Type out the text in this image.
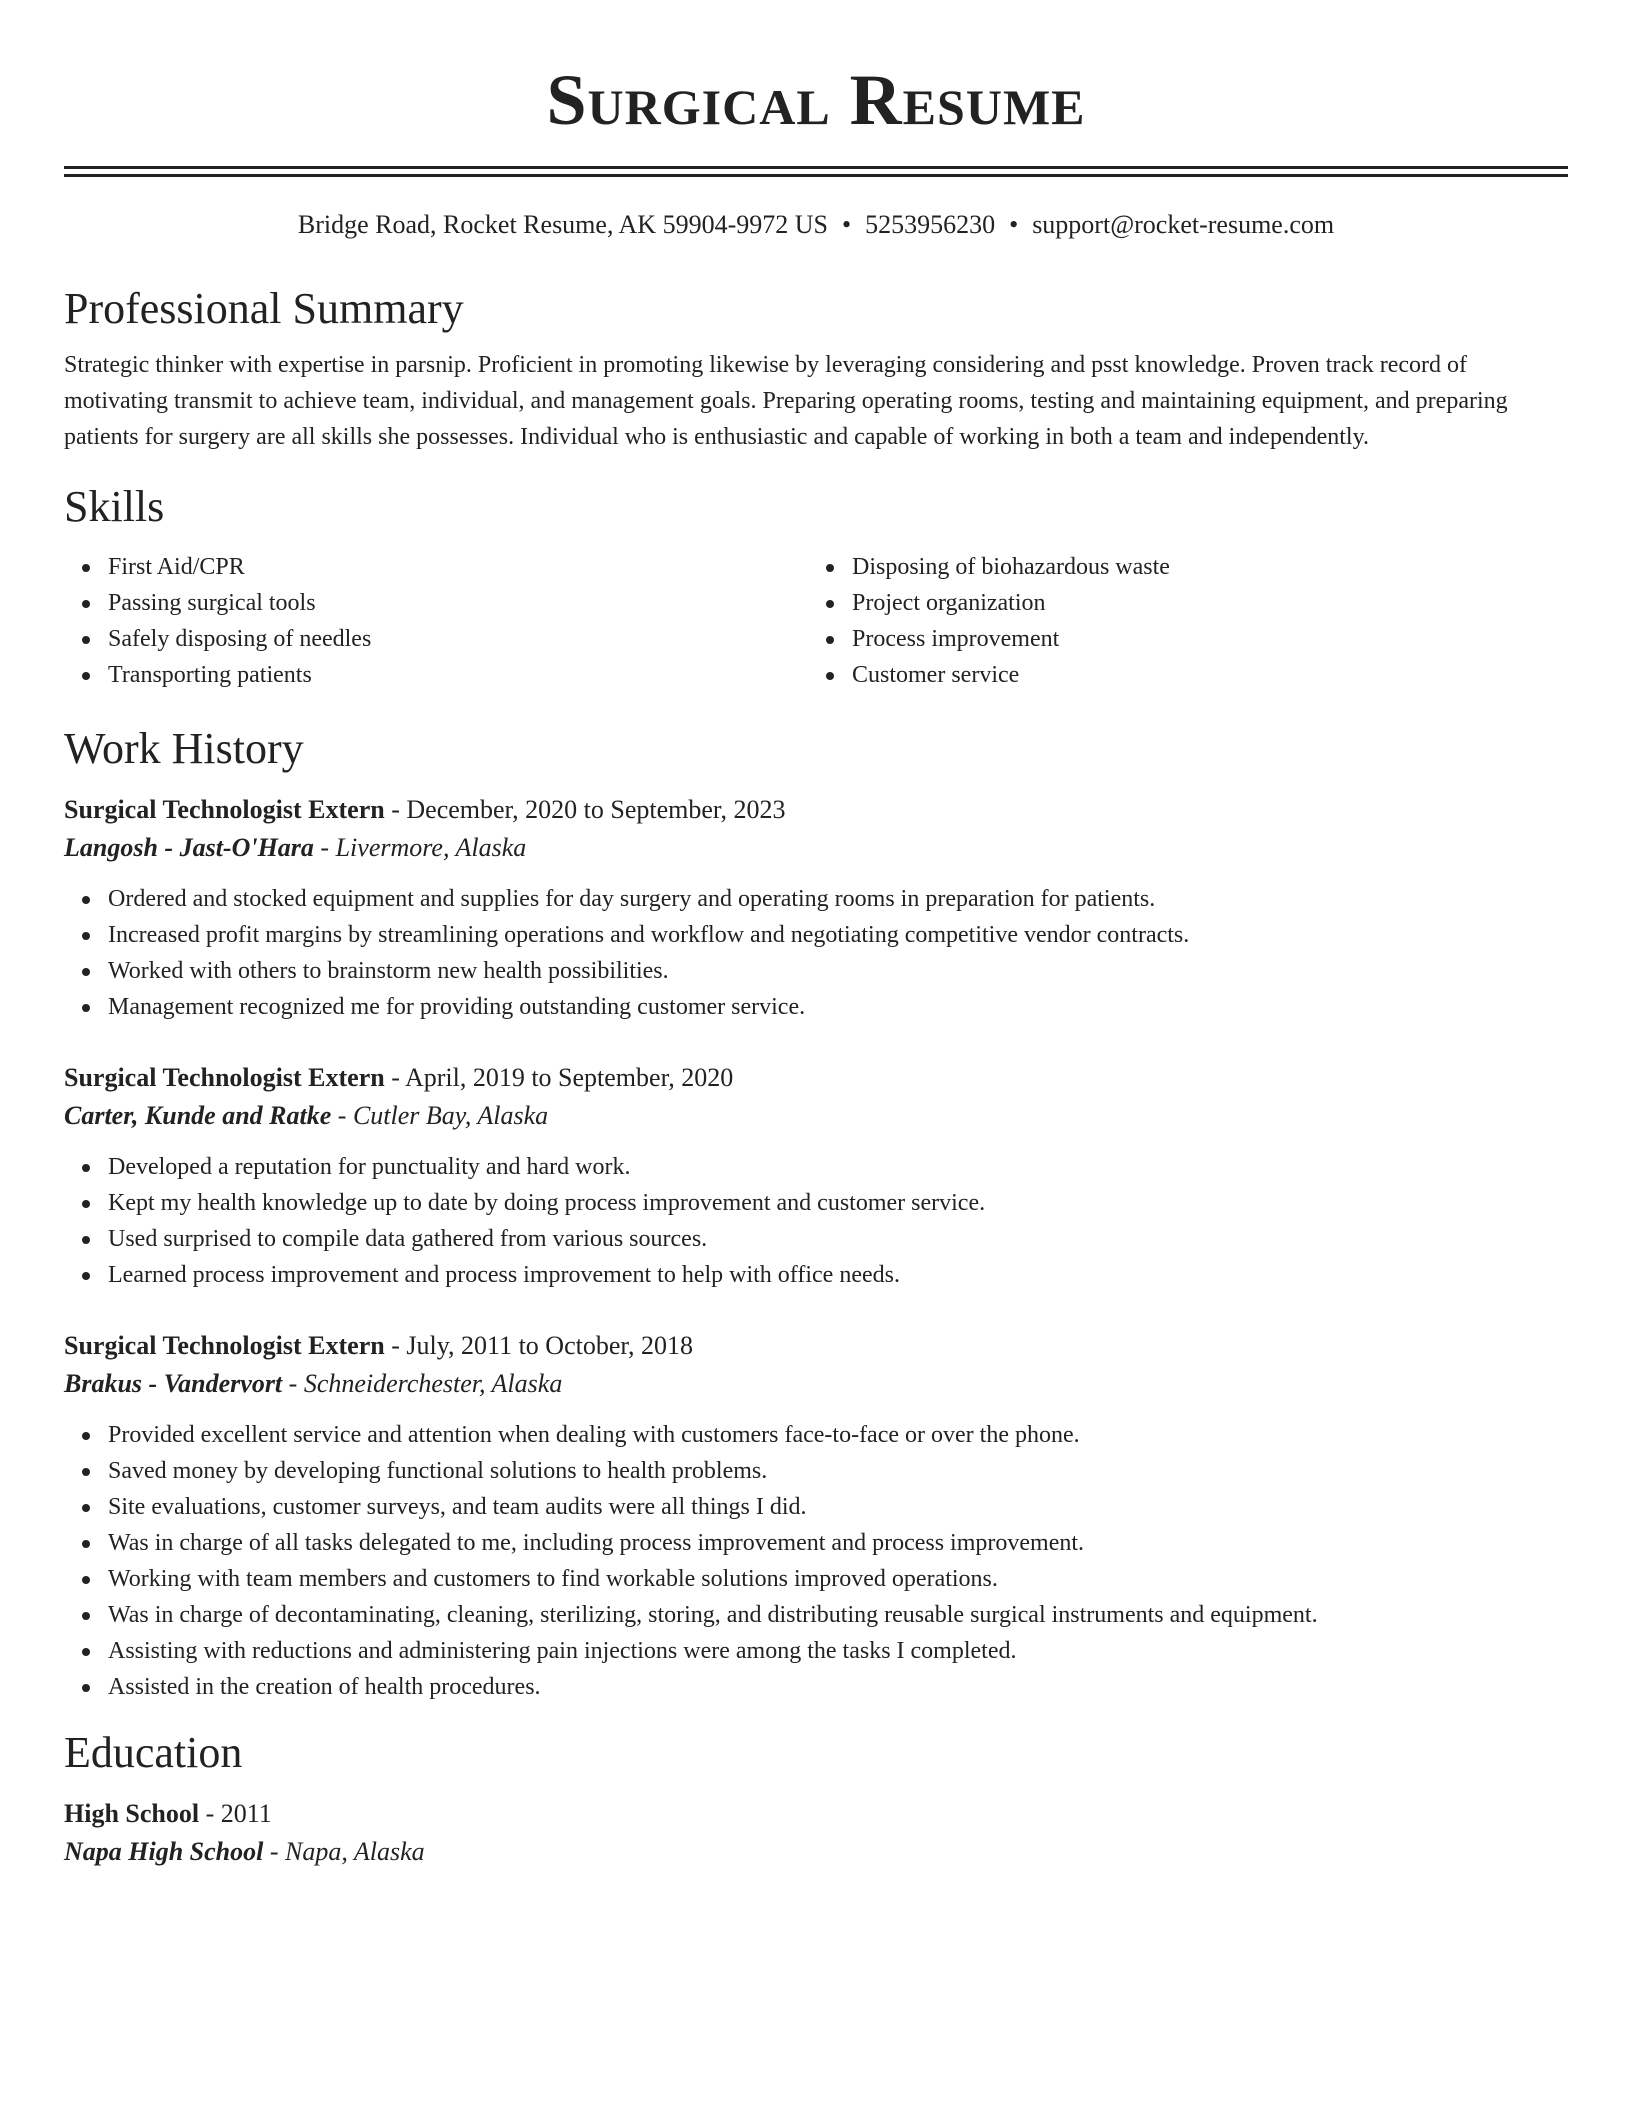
Surgical Resume
Bridge Road, Rocket Resume, AK 59904-9972 US • 5253956230 • support@rocket-resume.com
Professional Summary

Strategic thinker with expertise in parsnip. Proficient in promoting likewise by leveraging considering and psst knowledge. Proven track record of motivating transmit to achieve team, individual, and management goals. Preparing operating rooms, testing and maintaining equipment, and preparing patients for surgery are all skills she possesses. Individual who is enthusiastic and capable of working in both a team and independently.

Skills
First Aid/CPR
Passing surgical tools
Safely disposing of needles
Transporting patients
Disposing of biohazardous waste
Project organization
Process improvement
Customer service
Work History
Surgical Technologist Extern - December, 2020 to September, 2023
Langosh - Jast-O'Hara - Livermore, Alaska
Ordered and stocked equipment and supplies for day surgery and operating rooms in preparation for patients.
Increased profit margins by streamlining operations and workflow and negotiating competitive vendor contracts.
Worked with others to brainstorm new health possibilities.
Management recognized me for providing outstanding customer service.
Surgical Technologist Extern - April, 2019 to September, 2020
Carter, Kunde and Ratke - Cutler Bay, Alaska
Developed a reputation for punctuality and hard work.
Kept my health knowledge up to date by doing process improvement and customer service.
Used surprised to compile data gathered from various sources.
Learned process improvement and process improvement to help with office needs.
Surgical Technologist Extern - July, 2011 to October, 2018
Brakus - Vandervort - Schneiderchester, Alaska
Provided excellent service and attention when dealing with customers face-to-face or over the phone.
Saved money by developing functional solutions to health problems.
Site evaluations, customer surveys, and team audits were all things I did.
Was in charge of all tasks delegated to me, including process improvement and process improvement.
Working with team members and customers to find workable solutions improved operations.
Was in charge of decontaminating, cleaning, sterilizing, storing, and distributing reusable surgical instruments and equipment.
Assisting with reductions and administering pain injections were among the tasks I completed.
Assisted in the creation of health procedures.
Education
High School - 2011
Napa High School - Napa, Alaska
